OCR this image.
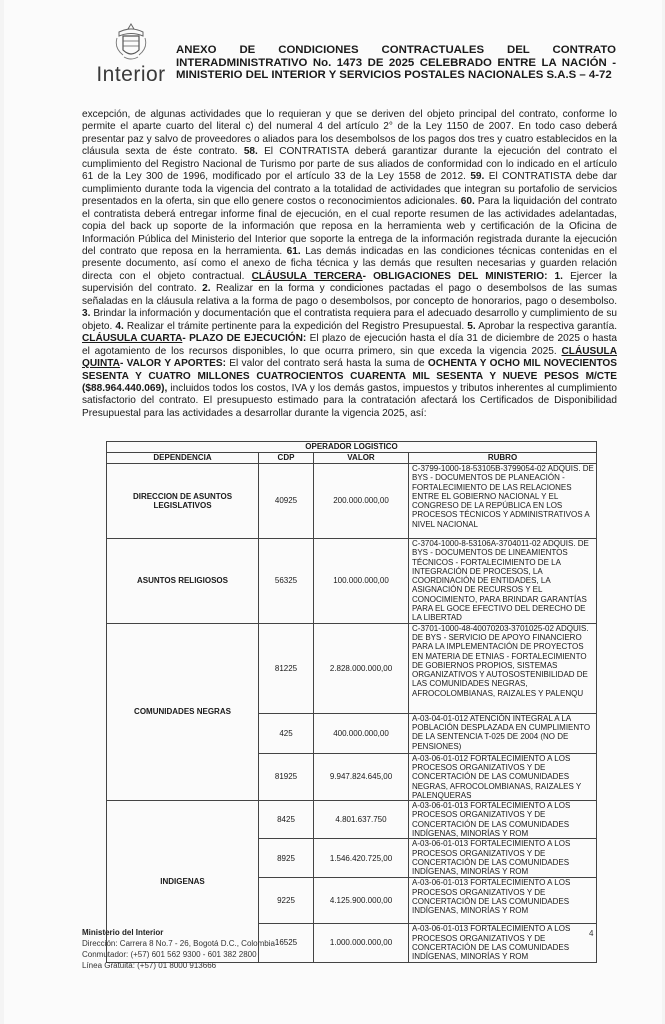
Interior
ANEXO DE CONDICIONES CONTRACTUALES DEL CONTRATO INTERADMINISTRATIVO No. 1473 DE 2025 CELEBRADO ENTRE LA NACIÓN - MINISTERIO DEL INTERIOR Y SERVICIOS POSTALES NACIONALES S.A.S – 4-72
excepción, de algunas actividades que lo requieran y que se deriven del objeto principal del contrato, conforme lo permite el aparte cuarto del literal c) del numeral 4 del artículo 2° de la Ley 1150 de 2007. En todo caso deberá presentar paz y salvo de proveedores o aliados para los desembolsos de los pagos dos tres y cuatro establecidos en la cláusula sexta de éste contrato. 58. El CONTRATISTA deberá garantizar durante la ejecución del contrato el cumplimiento del Registro Nacional de Turismo por parte de sus aliados de conformidad con lo indicado en el artículo 61 de la Ley 300 de 1996, modificado por el artículo 33 de la Ley 1558 de 2012. 59. El CONTRATISTA debe dar cumplimiento durante toda la vigencia del contrato a la totalidad de actividades que integran su portafolio de servicios presentados en la oferta, sin que ello genere costos o reconocimientos adicionales. 60. Para la liquidación del contrato el contratista deberá entregar informe final de ejecución, en el cual reporte resumen de las actividades adelantadas, copia del back up soporte de la información que reposa en la herramienta web y certificación de la Oficina de Información Pública del Ministerio del Interior que soporte la entrega de la información registrada durante la ejecución del contrato que reposa en la herramienta. 61. Las demás indicadas en las condiciones técnicas contenidas en el presente documento, así como el anexo de ficha técnica y las demás que resulten necesarias y guarden relación directa con el objeto contractual. CLÁUSULA TERCERA- OBLIGACIONES DEL MINISTERIO: 1. Ejercer la supervisión del contrato. 2. Realizar en la forma y condiciones pactadas el pago o desembolsos de las sumas señaladas en la cláusula relativa a la forma de pago o desembolsos, por concepto de honorarios, pago o desembolso. 3. Brindar la información y documentación que el contratista requiera para el adecuado desarrollo y cumplimiento de su objeto. 4. Realizar el trámite pertinente para la expedición del Registro Presupuestal. 5. Aprobar la respectiva garantía. CLÁUSULA CUARTA- PLAZO DE EJECUCIÓN: El plazo de ejecución hasta el día 31 de diciembre de 2025 o hasta el agotamiento de los recursos disponibles, lo que ocurra primero, sin que exceda la vigencia 2025. CLÁUSULA QUINTA- VALOR Y APORTES: El valor del contrato será hasta la suma de OCHENTA Y OCHO MIL NOVECIENTOS SESENTA Y CUATRO MILLONES CUATROCIENTOS CUARENTA MIL SESENTA Y NUEVE PESOS M/CTE ($88.964.440.069), incluidos todos los costos, IVA y los demás gastos, impuestos y tributos inherentes al cumplimiento satisfactorio del contrato. El presupuesto estimado para la contratación afectará los Certificados de Disponibilidad Presupuestal para las actividades a desarrollar durante la vigencia 2025, así:
OPERADOR LOGISTICO			
DEPENDENCIA	CDP	VALOR	RUBRO
DIRECCION DE ASUNTOS LEGISLATIVOS	40925	200.000.000,00	C-3799-1000-18-53105B-3799054-02 ADQUIS. DE BYS - DOCUMENTOS DE PLANEACIÓN - FORTALECIMIENTO DE LAS RELACIONES ENTRE EL GOBIERNO NACIONAL Y EL CONGRESO DE LA REPÚBLICA EN LOS PROCESOS TÉCNICOS Y ADMINISTRATIVOS A NIVEL NACIONAL
ASUNTOS RELIGIOSOS	56325	100.000.000,00	C-3704-1000-8-53106A-3704011-02 ADQUIS. DE BYS - DOCUMENTOS DE LINEAMIENTOS TÉCNICOS - FORTALECIMIENTO DE LA INTEGRACIÓN DE PROCESOS, LA COORDINACIÓN DE ENTIDADES, LA ASIGNACIÓN DE RECURSOS Y EL CONOCIMIENTO, PARA BRINDAR GARANTÍAS PARA EL GOCE EFECTIVO DEL DERECHO DE LA LIBERTAD
COMUNIDADES NEGRAS	81225	2.828.000.000,00	C-3701-1000-48-40070203-3701025-02 ADQUIS. DE BYS - SERVICIO DE APOYO FINANCIERO PARA LA IMPLEMENTACIÓN DE PROYECTOS EN MATERIA DE ETNIAS - FORTALECIMIENTO DE GOBIERNOS PROPIOS, SISTEMAS ORGANIZATIVOS Y AUTOSOSTENIBILIDAD DE LAS COMUNIDADES NEGRAS, AFROCOLOMBIANAS, RAIZALES Y PALENQU
	425	400.000.000,00	A-03-04-01-012 ATENCIÓN INTEGRAL A LA POBLACIÓN DESPLAZADA EN CUMPLIMIENTO DE LA SENTENCIA T-025 DE 2004 (NO DE PENSIONES)
	81925	9.947.824.645,00	A-03-06-01-012 FORTALECIMIENTO A LOS PROCESOS ORGANIZATIVOS Y DE CONCERTACIÓN DE LAS COMUNIDADES NEGRAS, AFROCOLOMBIANAS, RAIZALES Y PALENQUERAS
INDIGENAS	8425	4.801.637.750	A-03-06-01-013 FORTALECIMIENTO A LOS PROCESOS ORGANIZATIVOS Y DE CONCERTACIÓN DE LAS COMUNIDADES INDÍGENAS, MINORÍAS Y ROM
	8925	1.546.420.725,00	A-03-06-01-013 FORTALECIMIENTO A LOS PROCESOS ORGANIZATIVOS Y DE CONCERTACIÓN DE LAS COMUNIDADES INDÍGENAS, MINORÍAS Y ROM
	9225	4.125.900.000,00	A-03-06-01-013 FORTALECIMIENTO A LOS PROCESOS ORGANIZATIVOS Y DE CONCERTACIÓN DE LAS COMUNIDADES INDÍGENAS, MINORÍAS Y ROM
	16525	1.000.000.000,00	A-03-06-01-013 FORTALECIMIENTO A LOS PROCESOS ORGANIZATIVOS Y DE CONCERTACIÓN DE LAS COMUNIDADES INDÍGENAS, MINORÍAS Y ROM
Ministerio del Interior
Dirección: Carrera 8 No.7 - 26, Bogotá D.C., Colombia
Conmutador: (+57) 601 562 9300 - 601 382 2800
Línea Gratuita: (+57) 01 8000 913666
4
